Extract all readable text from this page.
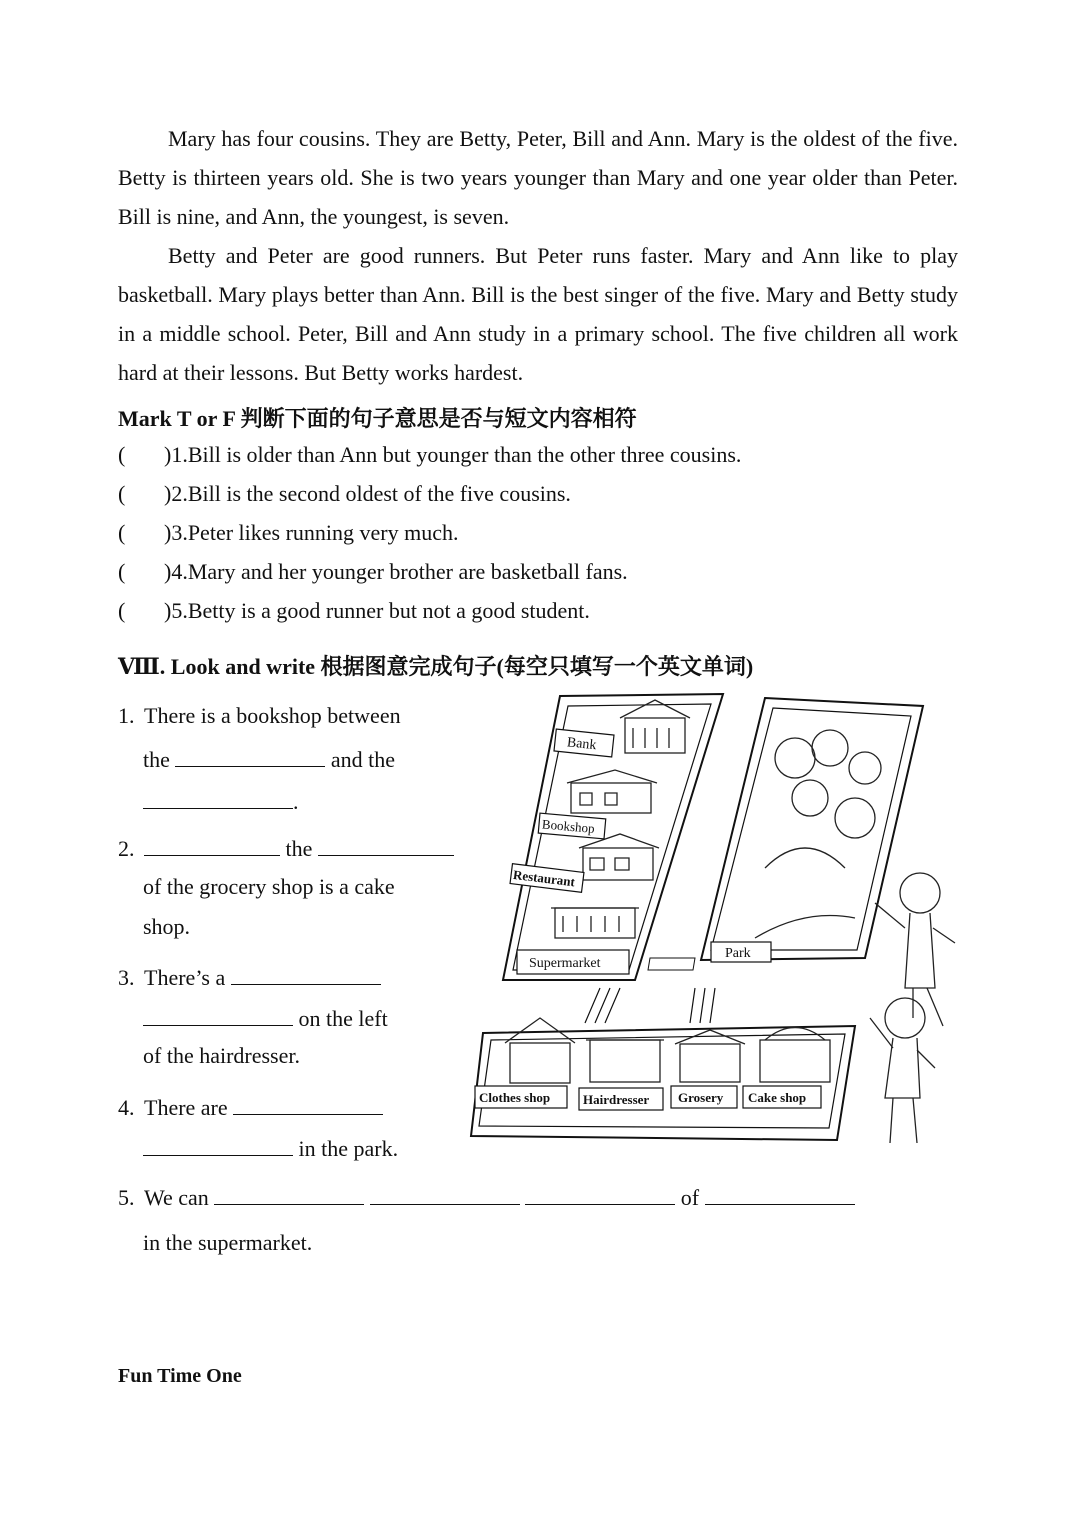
Mary has four cousins. They are Betty, Peter, Bill and Ann. Mary is the oldest of the five. Betty is thirteen years old. She is two years younger than Mary and one year older than Peter. Bill is nine, and Ann, the youngest, is seven.

Betty and Peter are good runners. But Peter runs faster. Mary and Ann like to play basketball. Mary plays better than Ann. Bill is the best singer of the five. Mary and Betty study in a middle school. Peter, Bill and Ann study in a primary school. The five children all work hard at their lessons. But Betty works hardest.

Mark T or F 判断下面的句子意思是否与短文内容相符
( )1.Bill is older than Ann but younger than the other three cousins.
( )2.Bill is the second oldest of the five cousins.
( )3.Peter likes running very much.
( )4.Mary and her younger brother are basketball fans.
( )5.Betty is a good runner but not a good student.
Ⅷ. Look and write 根据图意完成句子(每空只填写一个英文单词)
1. There is a bookshop between
the	and the
.
2.	the
of the grocery shop is a cake
shop.
3. There’s a
on the left
of the hairdresser.
4. There are
in the park.
5. We can	of
in the supermarket.
Bank
Bookshop
Restaurant
Supermarket
Park
Clothes shop	Hairdresser Grosery Cake shop
Fun Time One
